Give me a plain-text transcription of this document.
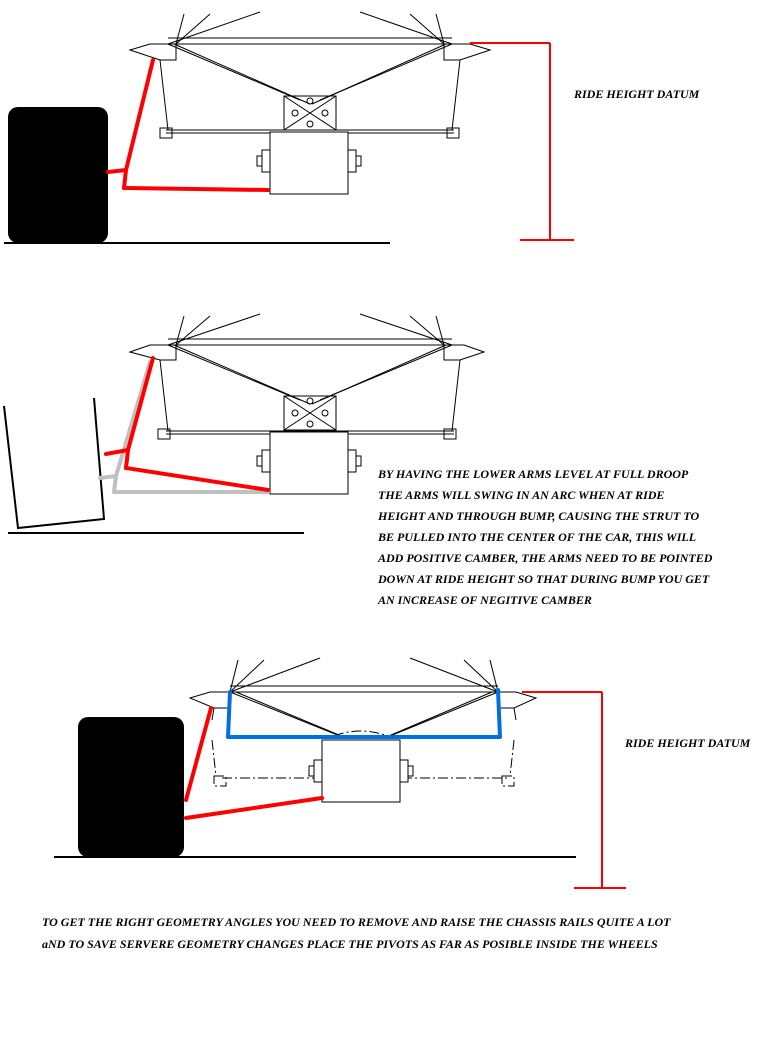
RIDE HEIGHT DATUM
RIDE HEIGHT DATUM
BY HAVING THE LOWER ARMS LEVEL AT FULL DROOP
THE ARMS WILL SWING IN AN ARC WHEN AT RIDE
HEIGHT AND THROUGH BUMP, CAUSING THE STRUT TO
BE PULLED INTO THE CENTER OF THE CAR, THIS WILL
ADD POSITIVE CAMBER, THE ARMS NEED TO BE POINTED
DOWN AT RIDE HEIGHT SO THAT DURING BUMP YOU GET
AN INCREASE OF NEGITIVE CAMBER
TO GET THE RIGHT GEOMETRY ANGLES YOU NEED TO REMOVE AND RAISE THE CHASSIS RAILS QUITE A LOT
aND TO SAVE SERVERE GEOMETRY CHANGES PLACE THE PIVOTS AS FAR AS POSIBLE INSIDE THE WHEELS
